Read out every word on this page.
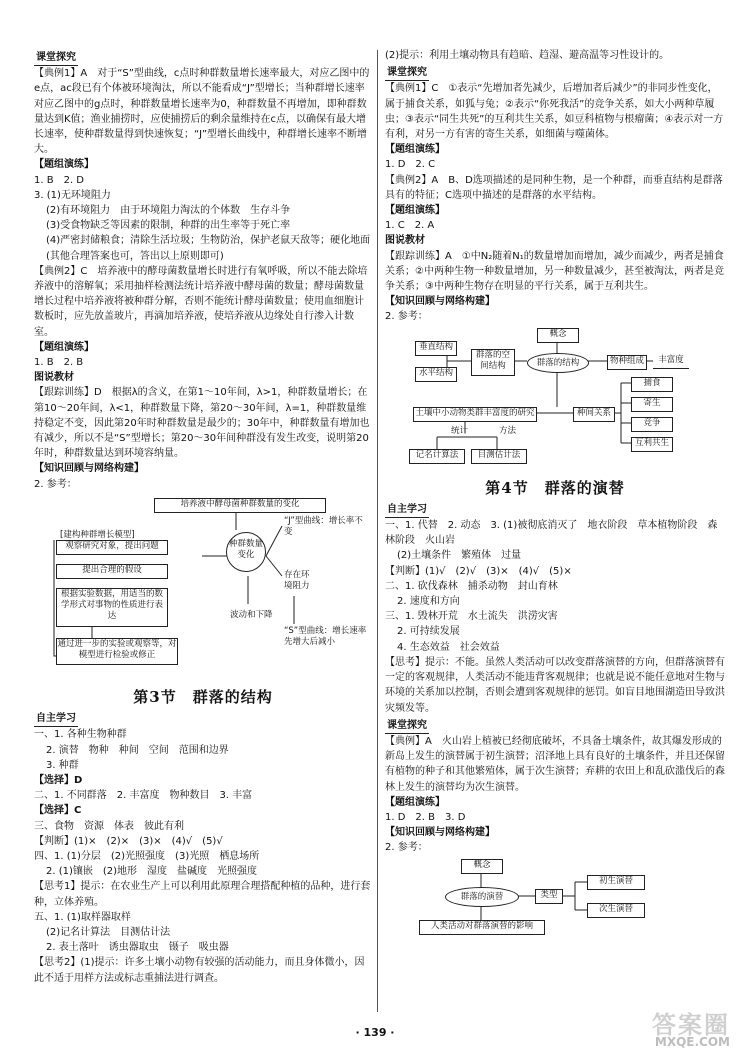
课堂探究

【典例1】A　对于“S”型曲线，c点时种群数量增长速率最大，对应乙图中的e点，ac段已有个体被环境淘汰，所以不能看成“J”型增长；当种群增长速率对应乙图中的g点时，种群数量增长速率为0，种群数量不再增加，即种群数量达到K值；渔业捕捞时，应使捕捞后的剩余量维持在c点，以确保有最大增长速率，使种群数量得到快速恢复；“J”型增长曲线中，种群增长速率不断增大。

【题组演练】
1. B　2. D
3. (1)无环境阻力
(2)有环境阻力　由于环境阻力淘汰的个体数　生存斗争
(3)受食物缺乏等因素的限制，种群的出生率等于死亡率
(4)严密封储粮食；清除生活垃圾；生物防治，保护老鼠天敌等；硬化地面(其他合理答案也可，答出以上原则即可)

【典例2】C　培养液中的酵母菌数量增长时进行有氧呼吸，所以不能去除培养液中的溶解氧；采用抽样检测法统计培养液中酵母菌的数量；酵母菌数量增长过程中培养液将被种群分解，否则不能统计酵母菌数量；使用血细胞计数板时，应先放盖玻片，再滴加培养液，使培养液从边缘处自行渗入计数室。

【题组演练】
1. B　2. B
图说教材

【跟踪训练】D　根据λ的含义，在第1～10年间，λ>1，种群数量增长；在第10～20年间，λ<1，种群数量下降，第20～30年间，λ=1，种群数量维持稳定不变，因此第20年时种群数量是最少的；30年中，种群数量有增加也有减少，所以不是“S”型增长；第20～30年间种群没有发生改变，说明第20年时，种群数量达到环境容纳量。

【知识回顾与网络构建】
2. 参考：
培养液中酵母菌种群数量的变化
[建构种群增长模型]
观察研究对象，提出问题
提出合理的假设
根据实验数据，用适当的数学形式对事物的性质进行表达
通过进一步的实验或观察等，对模型进行检验或修正
种群数量变化
“J”型曲线：增长率不变
存在环境阻力
波动和下降
“S”型曲线：增长速率先增大后减小
第3节　群落的结构
自主学习
一、1. 各种生物种群
2. 演替　物种　种间　空间　范围和边界
3. 种群
【选择】D
二、1. 不同群落　2. 丰富度　物种数目　3. 丰富
【选择】C
三、食物　资源　体表　彼此有利
【判断】(1)×　(2)×　(3)×　(4)√　(5)√
四、1. (1)分层　(2)光照强度　(3)光照　栖息场所
2. (1)镶嵌　(2)地形　湿度　盐碱度　光照强度

【思考1】提示：在农业生产上可以利用此原理合理搭配种植的品种，进行套种，立体养殖。

五、1. (1)取样器取样
(2)记名计算法　目测估计法
2. 表土落叶　诱虫器取虫　镊子　吸虫器

【思考2】(1)提示：许多土壤小动物有较强的活动能力，而且身体微小，因此不适于用样方法或标志重捕法进行调查。

(2)提示：利用土壤动物具有趋暗、趋湿、避高温等习性设计的。

课堂探究

【典例1】C　①表示“先增加者先减少，后增加者后减少”的非同步性变化，属于捕食关系，如狐与兔；②表示“你死我活”的竞争关系，如大小两种草履虫；③表示“同生共死”的互利共生关系，如豆科植物与根瘤菌；④表示对一方有利，对另一方有害的寄生关系，如细菌与噬菌体。

【题组演练】
1. D　2. C

【典例2】A　B、D选项描述的是同种生物，是一个种群，而垂直结构是群落具有的特征；C选项中描述的是群落的水平结构。

【题组演练】
1. C　2. A
图说教材

【跟踪训练】A　①中N₂随着N₁的数量增加而增加，减少而减少，两者是捕食关系；②中两种生物一种数量增加，另一种数量减少，甚至被淘汰，两者是竞争关系；③中两种生物存在明显的平行关系，属于互利共生。

【知识回顾与网络构建】
2. 参考：
概念
垂直结构
水平结构
群落的空间结构	群落的结构	物种组成	丰富度
捕食
寄生
竞争
互利共生
种间关系
土壤中小动物类群丰富度的研究
统计	方法
记名计算法	目测估计法
第4节　群落的演替
自主学习
一、1. 代替　2. 动态　3. (1)被彻底消灭了　地衣阶段　草本植物阶段　森林阶段　火山岩
(2)土壤条件　繁殖体　过量
【判断】(1)√　(2)√　(3)×　(4)√　(5)×
二、1. 砍伐森林　捕杀动物　封山育林
2. 速度和方向
三、1. 毁林开荒　水土流失　洪涝灾害
2. 可持续发展
4. 生态效益　社会效益

【思考】提示：不能。虽然人类活动可以改变群落演替的方向，但群落演替有一定的客观规律，人类活动不能违背客观规律；也就是说不能任意地对生物与环境的关系加以控制，否则会遭到客观规律的惩罚。如盲目地围湖造田导致洪灾频发等。

课堂探究

【典例】A　火山岩上植被已经彻底破坏，不具备土壤条件，故其爆发形成的新岛上发生的演替属于初生演替；沼泽地上具有良好的土壤条件，并且还保留有植物的种子和其他繁殖体，属于次生演替；弃耕的农田上和乱砍滥伐后的森林上发生的演替均为次生演替。

【题组演练】
1. D　2. B　3. D
【知识回顾与网络构建】
2. 参考：
概念
群落的演替	类型
初生演替
次生演替
人类活动对群落演替的影响
· 139 ·	答案圈
MXQE.COM
